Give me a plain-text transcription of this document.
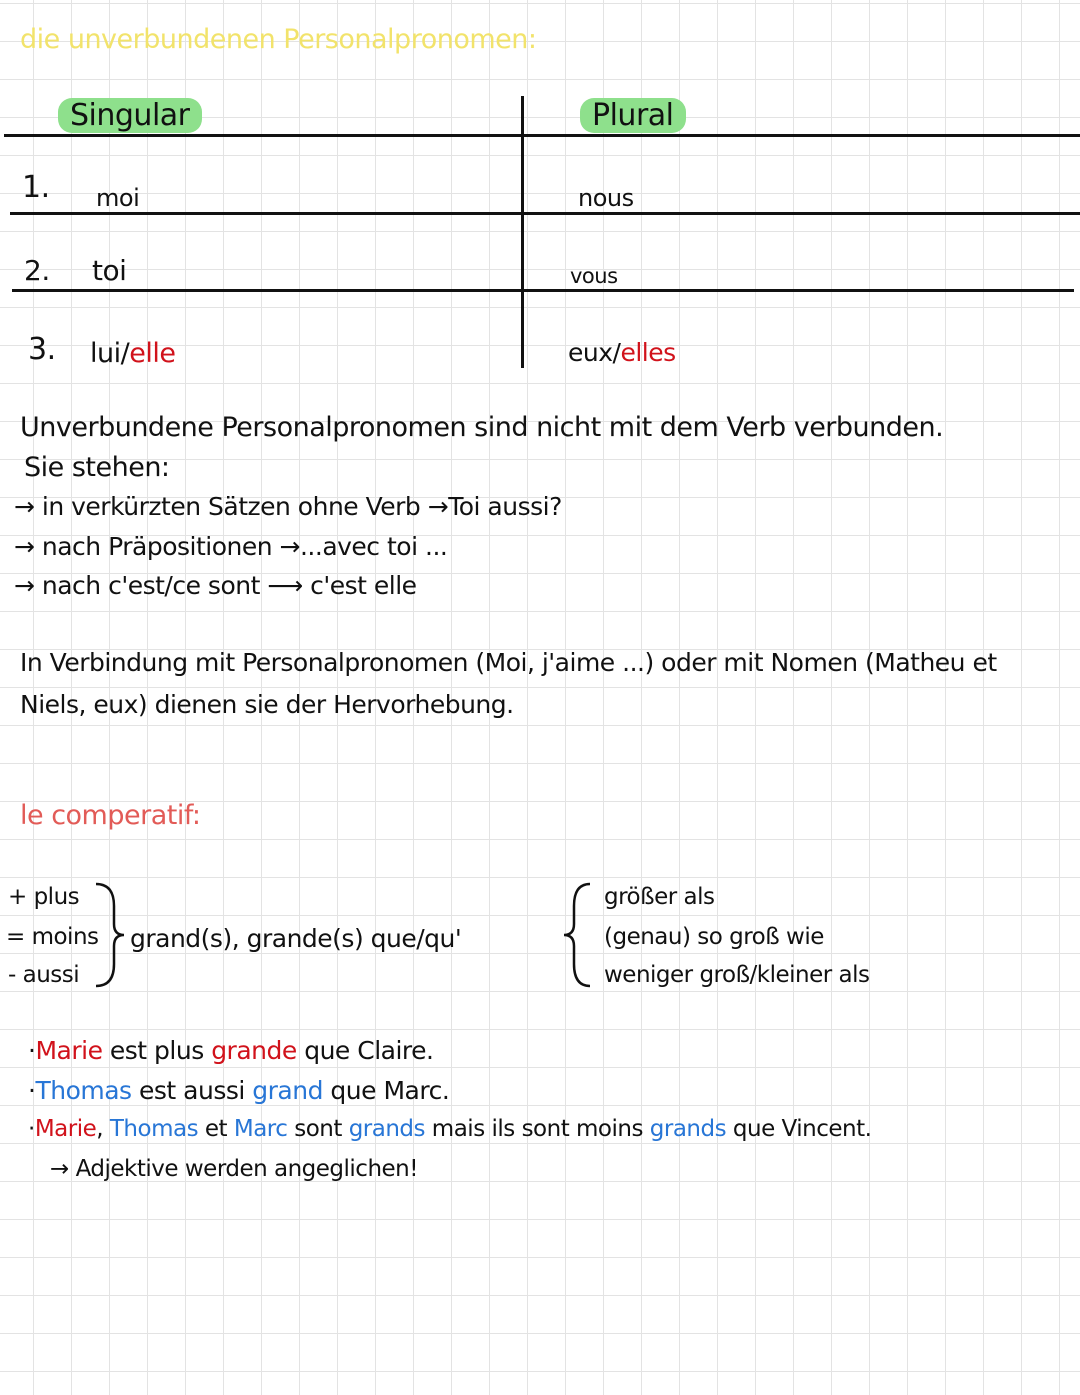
die unverbundenen Personalpronomen:
Singular	Plural
1. moi	nous
2. toi	vous
3. lui/elle	eux/elles
Unverbundene Personalpronomen sind nicht mit dem Verb verbunden.
Sie stehen:
→ in verkürzten Sätzen ohne Verb →Toi aussi?
→ nach Präpositionen →...avec toi ...
→ nach c'est/ce sont ⟶ c'est elle
In Verbindung mit Personalpronomen (Moi, j'aime ...) oder mit Nomen (Matheu et
Niels, eux) dienen sie der Hervorhebung.
le comperatif:
+ plus
= moins
- aussi
grand(s), grande(s) que/qu'
größer als
(genau) so groß wie
weniger groß/kleiner als
·Marie est plus grande que Claire.
·Thomas est aussi grand que Marc.
·Marie, Thomas et Marc sont grands mais ils sont moins grands que Vincent.
→ Adjektive werden angeglichen!
